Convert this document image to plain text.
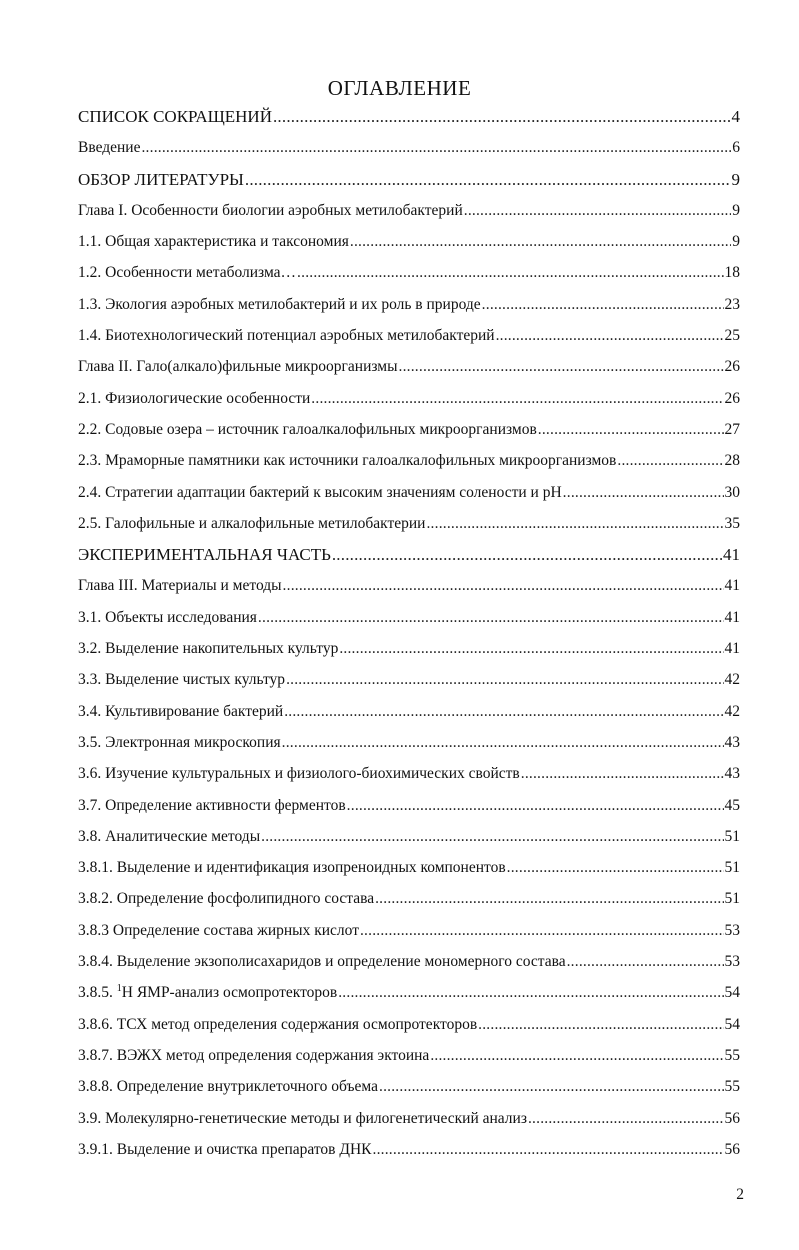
ОГЛАВЛЕНИЕ
СПИСОК СОКРАЩЕНИЙ .....	4
Введение .....	6
ОБЗОР ЛИТЕРАТУРЫ .....	9
Глава I. Особенности биологии аэробных метилобактерий .....	9
1.1. Общая характеристика и таксономия .....	9
1.2. Особенности метаболизма… .....	18
1.3. Экология аэробных метилобактерий и их роль в природе .....	23
1.4. Биотехнологический потенциал аэробных метилобактерий .....	25
Глава II. Гало(алкало)фильные микроорганизмы .....	26
2.1. Физиологические особенности .....	26
2.2. Содовые озера – источник галоалкалофильных микроорганизмов .....	27
2.3. Мраморные памятники как источники галоалкалофильных микроорганизмов .....	28
2.4. Стратегии адаптации бактерий к высоким значениям солености и pH .....	30
2.5. Галофильные и алкалофильные метилобактерии .....	35
ЭКСПЕРИМЕНТАЛЬНАЯ ЧАСТЬ .....	41
Глава III. Материалы и методы .....	41
3.1. Объекты исследования .....	41
3.2. Выделение накопительных культур .....	41
3.3. Выделение чистых культур .....	42
3.4. Культивирование бактерий .....	42
3.5. Электронная микроскопия .....	43
3.6. Изучение культуральных и физиолого-биохимических свойств .....	43
3.7. Определение активности ферментов .....	45
3.8. Аналитические методы .....	51
3.8.1. Выделение и идентификация изопреноидных компонентов .....	51
3.8.2. Определение фосфолипидного состава .....	51
3.8.3 Определение состава жирных кислот .....	53
3.8.4. Выделение экзополисахаридов и определение мономерного состава .....	53
3.8.5. $^1$H ЯМР-анализ осмопротекторов .....	54
3.8.6. ТСХ метод определения содержания осмопротекторов .....	54
3.8.7. ВЭЖХ метод определения содержания эктоина .....	55
3.8.8. Определение внутриклеточного объема .....	55
3.9. Молекулярно-генетические методы и филогенетический анализ .....	56
3.9.1. Выделение и очистка препаратов ДНК .....	56
2
